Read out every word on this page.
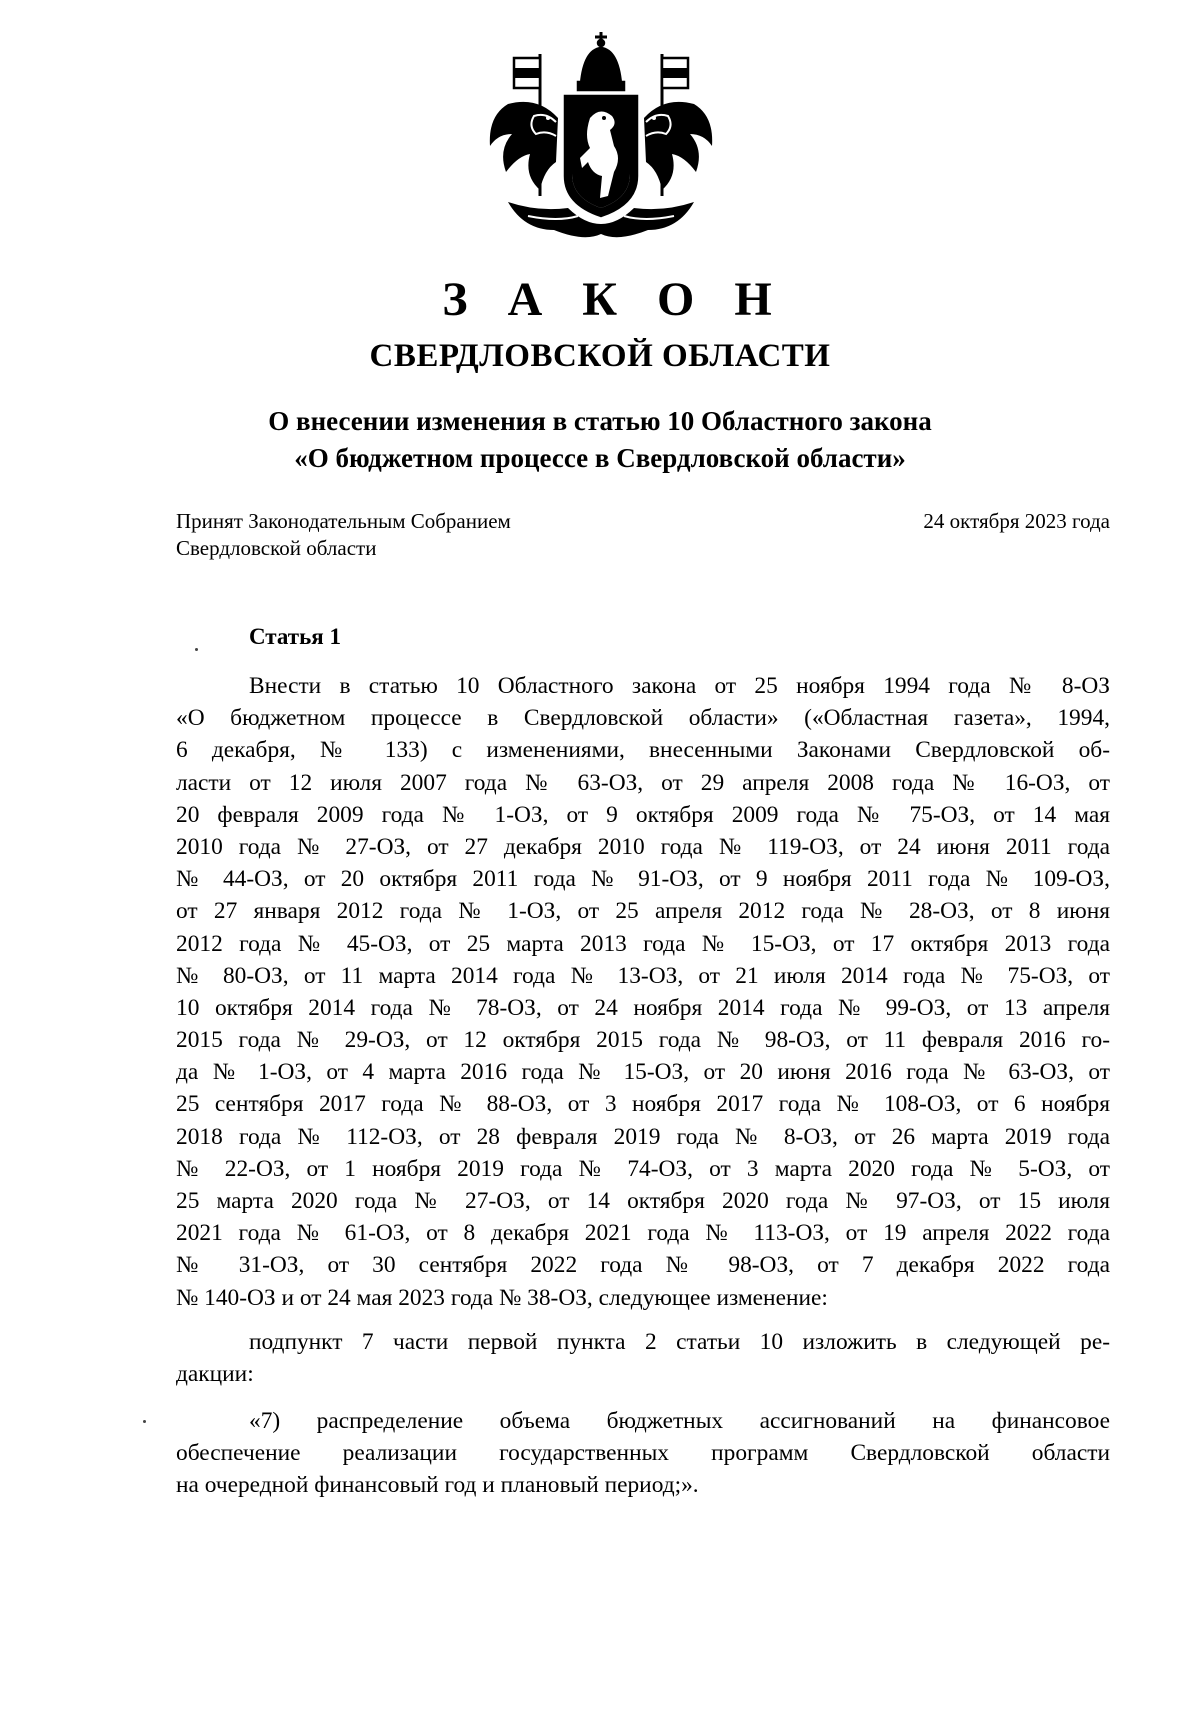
З А К О Н
СВЕРДЛОВСКОЙ ОБЛАСТИ
О внесении изменения в статью 10 Областного закона
«О бюджетном процессе в Свердловской области»
Принят Законодательным Собранием
Свердловской области
24 октября 2023 года
Статья 1
Внести в статью 10 Областного закона от 25 ноября 1994 года № 8-ОЗ
«О бюджетном процессе в Свердловской области» («Областная газета», 1994,
6 декабря, № 133) с изменениями, внесенными Законами Свердловской об-
ласти от 12 июля 2007 года № 63-ОЗ, от 29 апреля 2008 года № 16-ОЗ, от
20 февраля 2009 года № 1-ОЗ, от 9 октября 2009 года № 75-ОЗ, от 14 мая
2010 года № 27-ОЗ, от 27 декабря 2010 года № 119-ОЗ, от 24 июня 2011 года
№ 44-ОЗ, от 20 октября 2011 года № 91-ОЗ, от 9 ноября 2011 года № 109-ОЗ,
от 27 января 2012 года № 1-ОЗ, от 25 апреля 2012 года № 28-ОЗ, от 8 июня
2012 года № 45-ОЗ, от 25 марта 2013 года № 15-ОЗ, от 17 октября 2013 года
№ 80-ОЗ, от 11 марта 2014 года № 13-ОЗ, от 21 июля 2014 года № 75-ОЗ, от
10 октября 2014 года № 78-ОЗ, от 24 ноября 2014 года № 99-ОЗ, от 13 апреля
2015 года № 29-ОЗ, от 12 октября 2015 года № 98-ОЗ, от 11 февраля 2016 го-
да № 1-ОЗ, от 4 марта 2016 года № 15-ОЗ, от 20 июня 2016 года № 63-ОЗ, от
25 сентября 2017 года № 88-ОЗ, от 3 ноября 2017 года № 108-ОЗ, от 6 ноября
2018 года № 112-ОЗ, от 28 февраля 2019 года № 8-ОЗ, от 26 марта 2019 года
№ 22-ОЗ, от 1 ноября 2019 года № 74-ОЗ, от 3 марта 2020 года № 5-ОЗ, от
25 марта 2020 года № 27-ОЗ, от 14 октября 2020 года № 97-ОЗ, от 15 июля
2021 года № 61-ОЗ, от 8 декабря 2021 года № 113-ОЗ, от 19 апреля 2022 года
№ 31-ОЗ, от 30 сентября 2022 года № 98-ОЗ, от 7 декабря 2022 года
№ 140-ОЗ и от 24 мая 2023 года № 38-ОЗ, следующее изменение:
подпункт 7 части первой пункта 2 статьи 10 изложить в следующей ре-
дакции:
«7) распределение объема бюджетных ассигнований на финансовое
обеспечение реализации государственных программ Свердловской области
на очередной финансовый год и плановый период;».
